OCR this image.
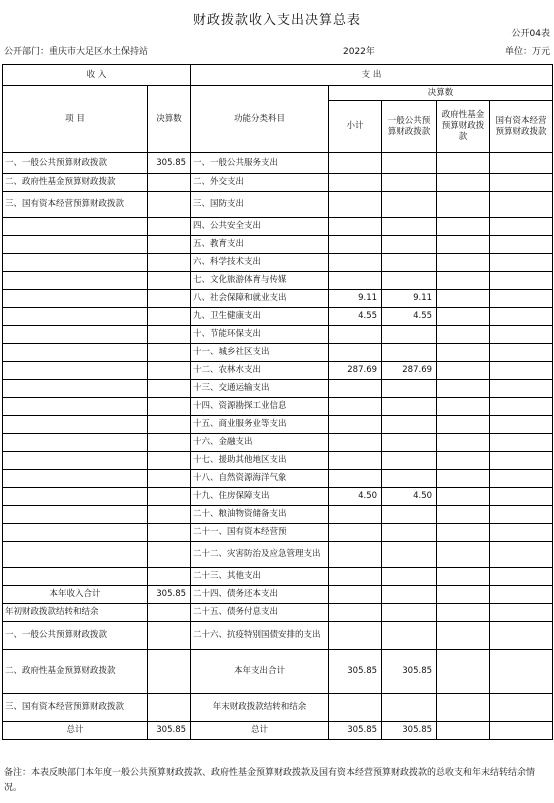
财政拨款收入支出决算总表
公开04表
公开部门：重庆市大足区水土保持站	2022年	单位：万元
收 入		支 出				
项 目	决算数	功能分类科目	决算数			
			小计	一般公共预算财政拨款	政府性基金预算财政拨款	国有资本经营预算财政拨款
一、一般公共预算财政拨款	305.85	一、一般公共服务支出				
二、政府性基金预算财政拨款		二、外交支出				
三、国有资本经营预算财政拨款		三、国防支出				
		四、公共安全支出				
		五、教育支出				
		六、科学技术支出				
		七、文化旅游体育与传媒				
		八、社会保障和就业支出	9.11	9.11		
		九、卫生健康支出	4.55	4.55		
		十、节能环保支出				
		十一、城乡社区支出				
		十二、农林水支出	287.69	287.69		
		十三、交通运输支出				
		十四、资源勘探工业信息				
		十五、商业服务业等支出				
		十六、金融支出				
		十七、援助其他地区支出				
		十八、自然资源海洋气象				
		十九、住房保障支出	4.50	4.50		
		二十、粮油物资储备支出				
		二十一、国有资本经营预				
		二十二、灾害防治及应急管理支出				
		二十三、其他支出				
本年收入合计	305.85	二十四、债务还本支出				
年初财政拨款结转和结余		二十五、债务付息支出				
一、一般公共预算财政拨款		二十六、抗疫特别国债安排的支出				
二、政府性基金预算财政拨款		本年支出合计	305.85	305.85		
三、国有资本经营预算财政拨款		年末财政拨款结转和结余				
总计	305.85	总计	305.85	305.85		
备注：本表反映部门本年度一般公共预算财政拨款、政府性基金预算财政拨款及国有资本经营预算财政拨款的总收支和年末结转结余情况。
